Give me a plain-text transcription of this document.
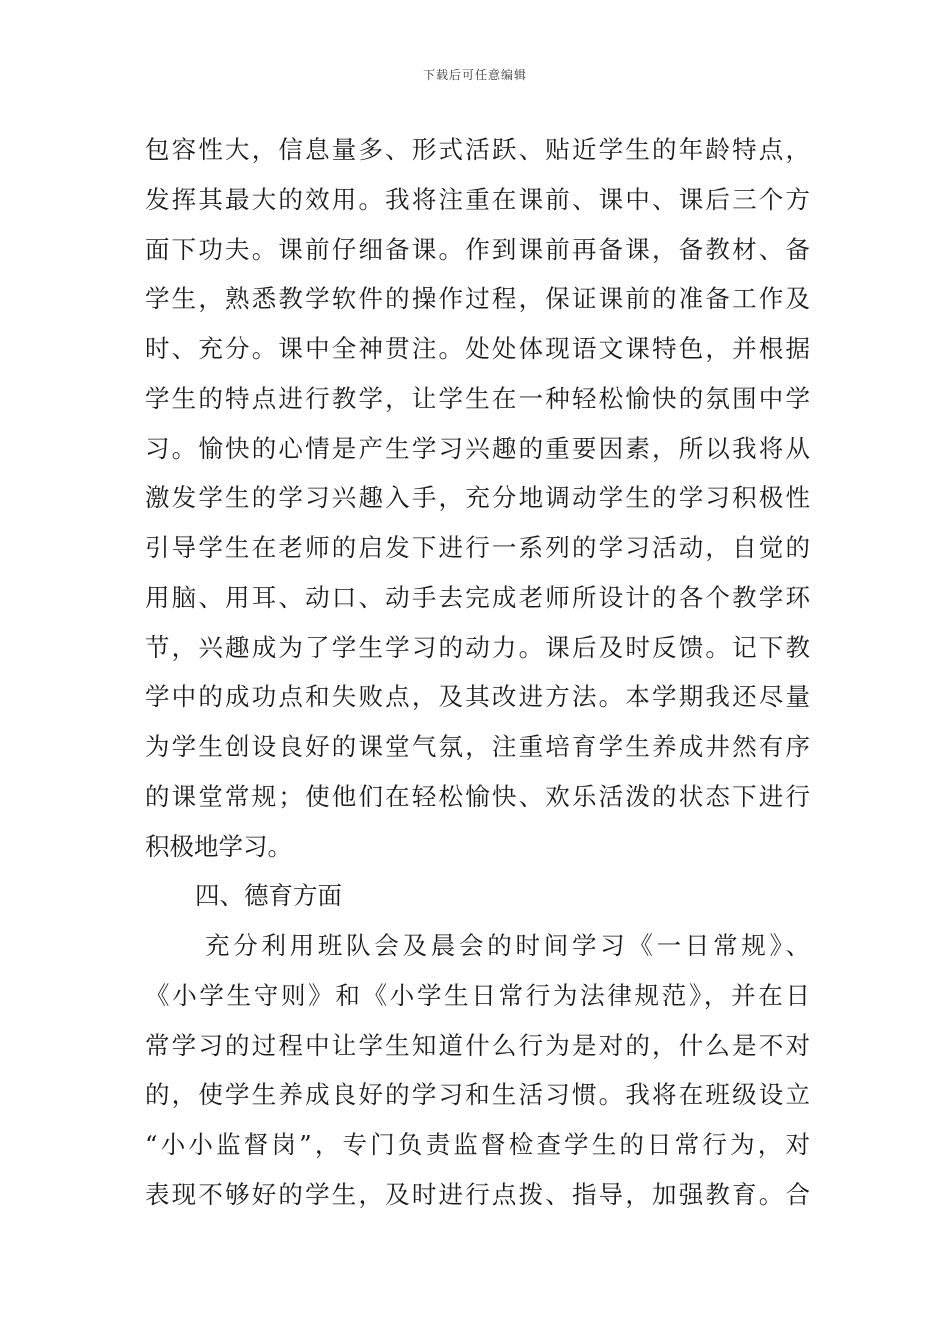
下载后可任意编辑
包容性大，信息量多、形式活跃、贴近学生的年龄特点，
发挥其最大的效用。我将注重在课前、课中、课后三个方
面下功夫。课前仔细备课。作到课前再备课，备教材、备
学生，熟悉教学软件的操作过程，保证课前的准备工作及
时、充分。课中全神贯注。处处体现语文课特色，并根据
学生的特点进行教学，让学生在一种轻松愉快的氛围中学
习。愉快的心情是产生学习兴趣的重要因素，所以我将从
激发学生的学习兴趣入手，充分地调动学生的学习积极性
引导学生在老师的启发下进行一系列的学习活动，自觉的
用脑、用耳、动口、动手去完成老师所设计的各个教学环
节，兴趣成为了学生学习的动力。课后及时反馈。记下教
学中的成功点和失败点，及其改进方法。本学期我还尽量
为学生创设良好的课堂气氛，注重培育学生养成井然有序
的课堂常规；使他们在轻松愉快、欢乐活泼的状态下进行
积极地学习。
四、德育方面
充分利用班队会及晨会的时间学习《一日常规》、
《小学生守则》和《小学生日常行为法律规范》，并在日
常学习的过程中让学生知道什么行为是对的，什么是不对
的，使学生养成良好的学习和生活习惯。我将在班级设立
“小小监督岗”，专门负责监督检查学生的日常行为，对
表现不够好的学生，及时进行点拨、指导，加强教育。合
